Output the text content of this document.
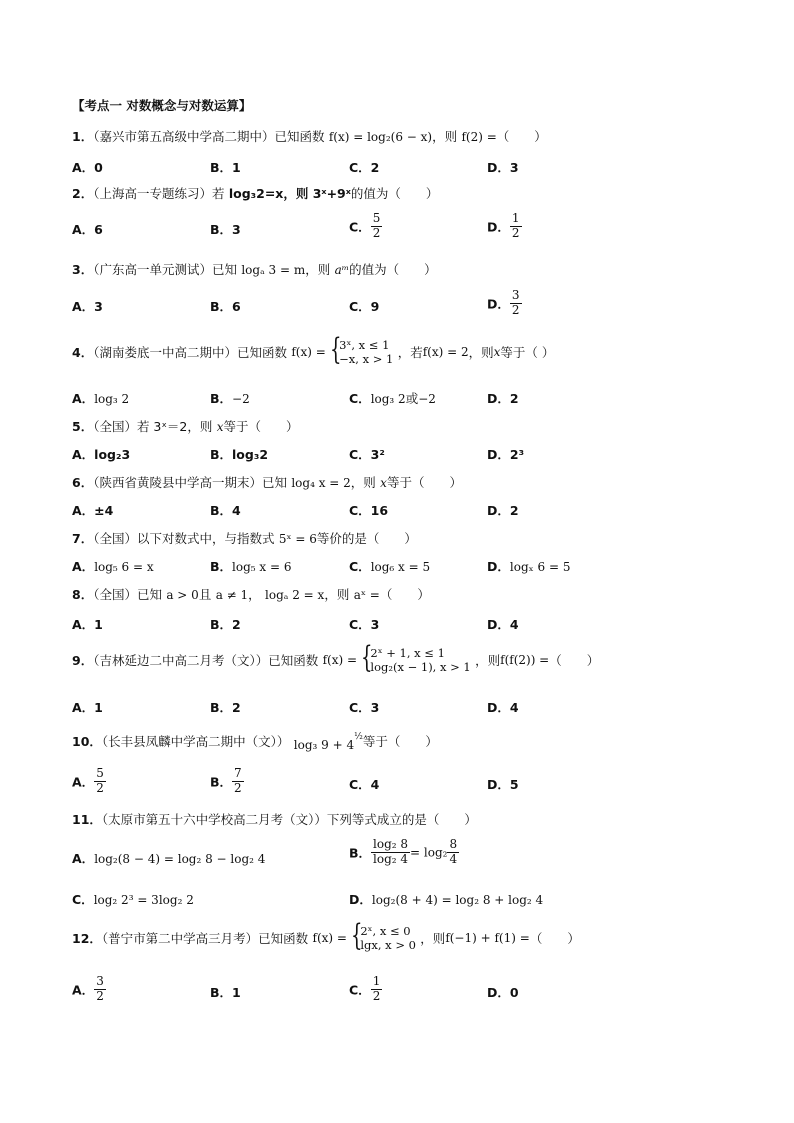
【考点一 对数概念与对数运算】
1．（嘉兴市第五高级中学高二期中）已知函数 f(x) = log₂(6 − x)，则 f(2) =（　　）
A．0	B．1	C．2	D．3
2．（上海高一专题练习）若 log₃2=x，则 3ˣ+9ˣ的值为（　　）
A．6	B．3	C． $\frac{5}{2}$	D． $\frac{1}{2}$
3．（广东高一单元测试）已知 logₐ 3 = m，则 aᵐ的值为（　　）
A．3	B．6	C．9	D． $\frac{3}{2}$
4．（湖南娄底一中高二期中）已知函数 f(x) = {
3ˣ, x ≤ 1
−x, x > 1 ，若f(x) = 2，则x等于（ ）
A．log₃ 2	B．−2	C．log₃ 2或−2	D．2
5．（全国）若 3ˣ＝2，则 x等于（　　）
A．log₂3	B．log₃2	C．3²	D．2³
6．（陕西省黄陵县中学高一期末）已知 log₄ x = 2，则 x等于（　　）
A．±4	B．4	C．16	D．2
7．（全国）以下对数式中，与指数式 5ˣ = 6等价的是（　　）
A．log₅ 6 = x	B．log₅ x = 6	C．log₆ x = 5	D．logₓ 6 = 5
8．（全国）已知 a > 0且 a ≠ 1， logₐ 2 = x，则 aˣ =（　　）
A．1	B．2	C．3	D．4
9．（吉林延边二中高二月考（文））已知函数 f(x) = {
2ˣ + 1, x ≤ 1
log₂(x − 1), x > 1 ，则f(f(2)) =（　　）
A．1	B．2	C．3	D．4
10．（长丰县凤麟中学高二期中（文）） log₃ $9 + 4^{\frac{1}{2}}$等于（　　）
A． $\frac{5}{2}$	B． $\frac{7}{2}$	C．4	D．5
11．（太原市第五十六中学校高二月考（文））下列等式成立的是（　　）
A．log₂(8 − 4) = log₂ 8 − log₂ 4	B． $\frac{\text{log₂ 8}}{\text{log₂ 4}} = \log_2 \frac{8}{4}$
C．log₂ 2³ = 3log₂ 2	D．log₂(8 + 4) = log₂ 8 + log₂ 4
12．（普宁市第二中学高三月考）已知函数 f(x) = {
2ˣ, x ≤ 0
lgx, x > 0 ，则f(−1) + f(1) =（　　）
A． $\frac{3}{2}$	B．1	C． $\frac{1}{2}$	D．0
